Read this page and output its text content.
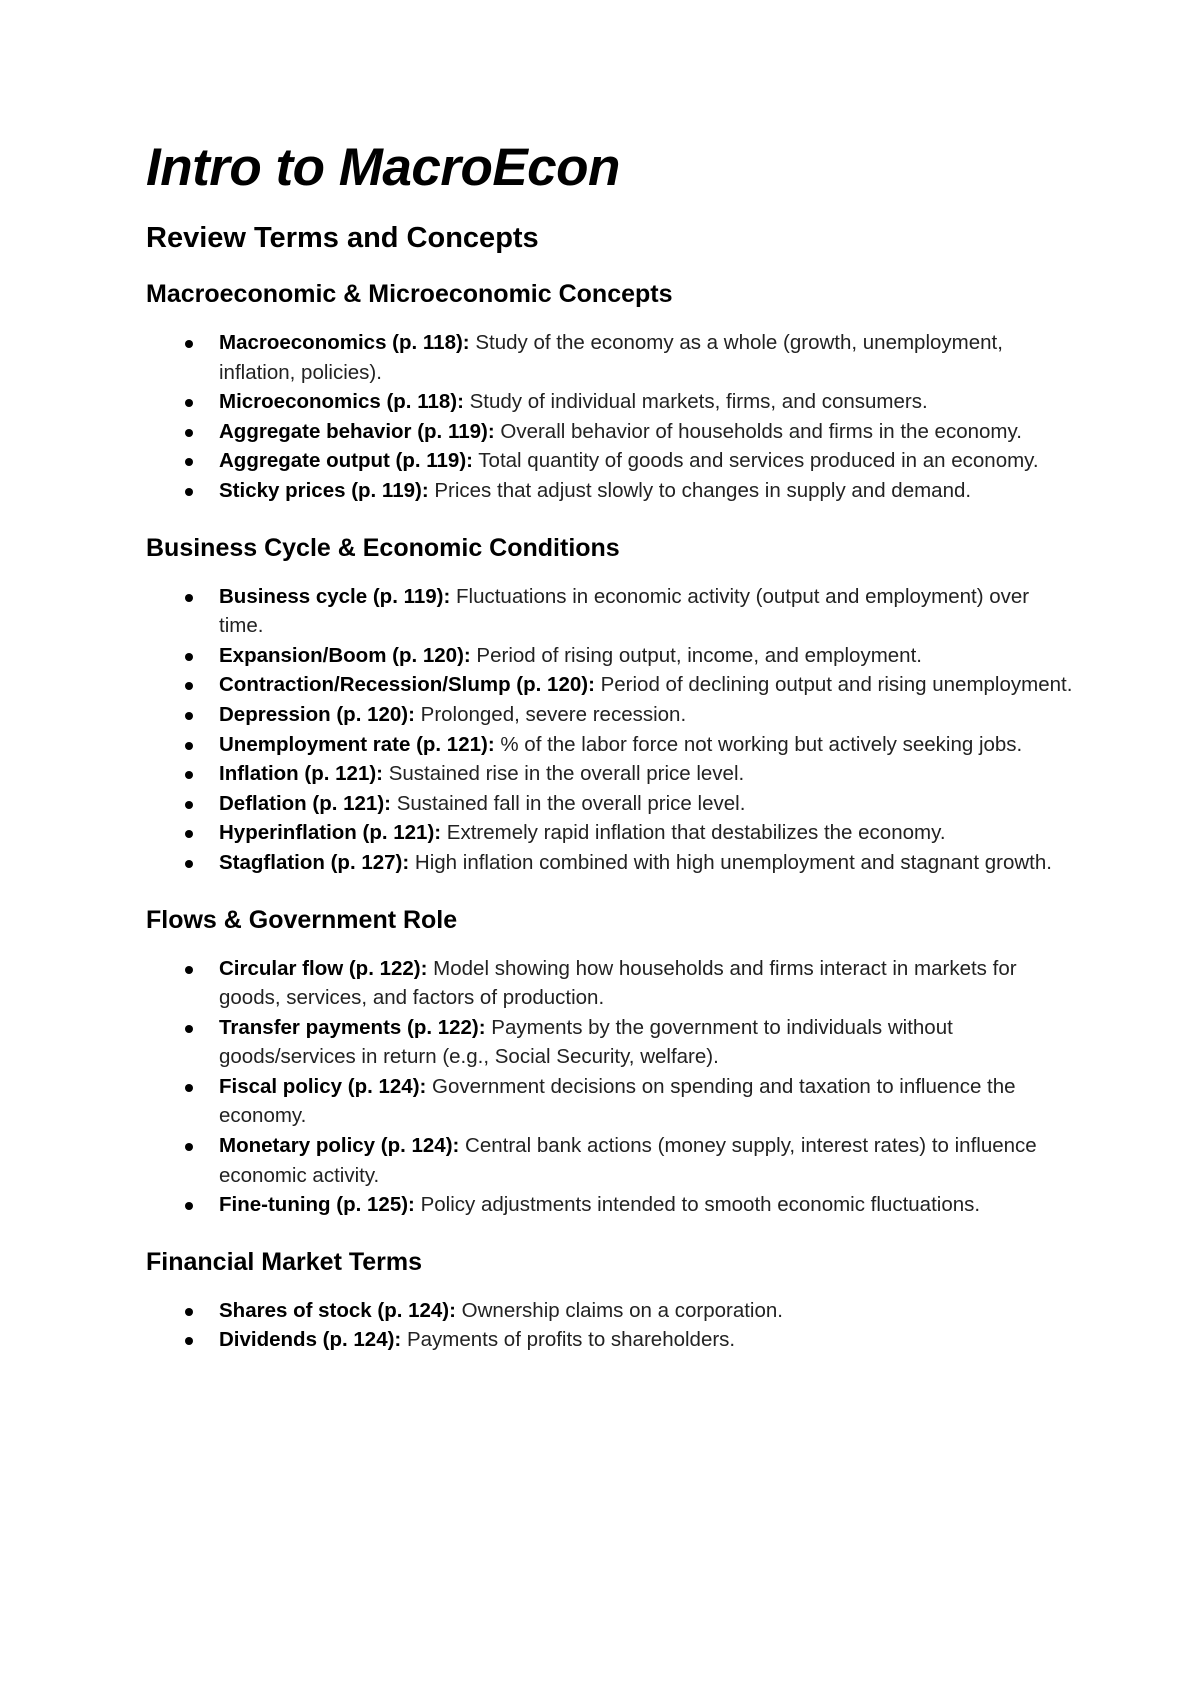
Intro to MacroEcon
Review Terms and Concepts
Macroeconomic & Microeconomic Concepts
Macroeconomics (p. 118): Study of the economy as a whole (growth, unemployment, inflation, policies).
Microeconomics (p. 118): Study of individual markets, firms, and consumers.
Aggregate behavior (p. 119): Overall behavior of households and firms in the economy.
Aggregate output (p. 119): Total quantity of goods and services produced in an economy.
Sticky prices (p. 119): Prices that adjust slowly to changes in supply and demand.
Business Cycle & Economic Conditions
Business cycle (p. 119): Fluctuations in economic activity (output and employment) over time.
Expansion/Boom (p. 120): Period of rising output, income, and employment.
Contraction/Recession/Slump (p. 120): Period of declining output and rising unemployment.
Depression (p. 120): Prolonged, severe recession.
Unemployment rate (p. 121): % of the labor force not working but actively seeking jobs.
Inflation (p. 121): Sustained rise in the overall price level.
Deflation (p. 121): Sustained fall in the overall price level.
Hyperinflation (p. 121): Extremely rapid inflation that destabilizes the economy.
Stagflation (p. 127): High inflation combined with high unemployment and stagnant growth.
Flows & Government Role
Circular flow (p. 122): Model showing how households and firms interact in markets for goods, services, and factors of production.
Transfer payments (p. 122): Payments by the government to individuals without goods/services in return (e.g., Social Security, welfare).
Fiscal policy (p. 124): Government decisions on spending and taxation to influence the economy.
Monetary policy (p. 124): Central bank actions (money supply, interest rates) to influence economic activity.
Fine-tuning (p. 125): Policy adjustments intended to smooth economic fluctuations.
Financial Market Terms
Shares of stock (p. 124): Ownership claims on a corporation.
Dividends (p. 124): Payments of profits to shareholders.
